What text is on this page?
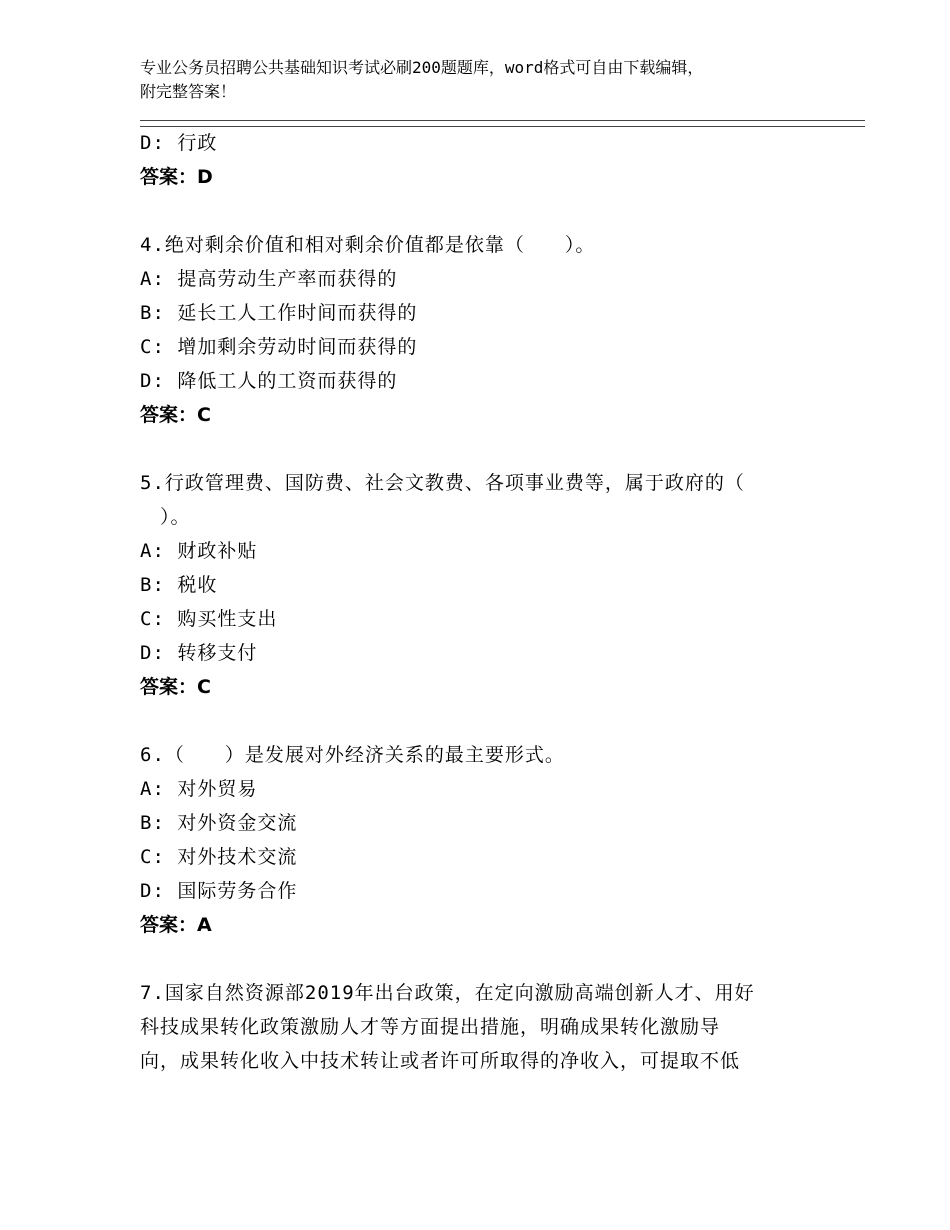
专业公务员招聘公共基础知识考试必刷200题题库，word格式可自由下载编辑，
附完整答案！
D: 行政
答案：D
4.绝对剩余价值和相对剩余价值都是依靠（　　）。
A: 提高劳动生产率而获得的
B: 延长工人工作时间而获得的
C: 增加剩余劳动时间而获得的
D: 降低工人的工资而获得的
答案：C
5.行政管理费、国防费、社会文教费、各项事业费等，属于政府的（
　）。
A: 财政补贴
B: 税收
C: 购买性支出
D: 转移支付
答案：C
6.（　　）是发展对外经济关系的最主要形式。
A: 对外贸易
B: 对外资金交流
C: 对外技术交流
D: 国际劳务合作
答案：A
7.国家自然资源部2019年出台政策，在定向激励高端创新人才、用好
科技成果转化政策激励人才等方面提出措施，明确成果转化激励导
向，成果转化收入中技术转让或者许可所取得的净收入，可提取不低
